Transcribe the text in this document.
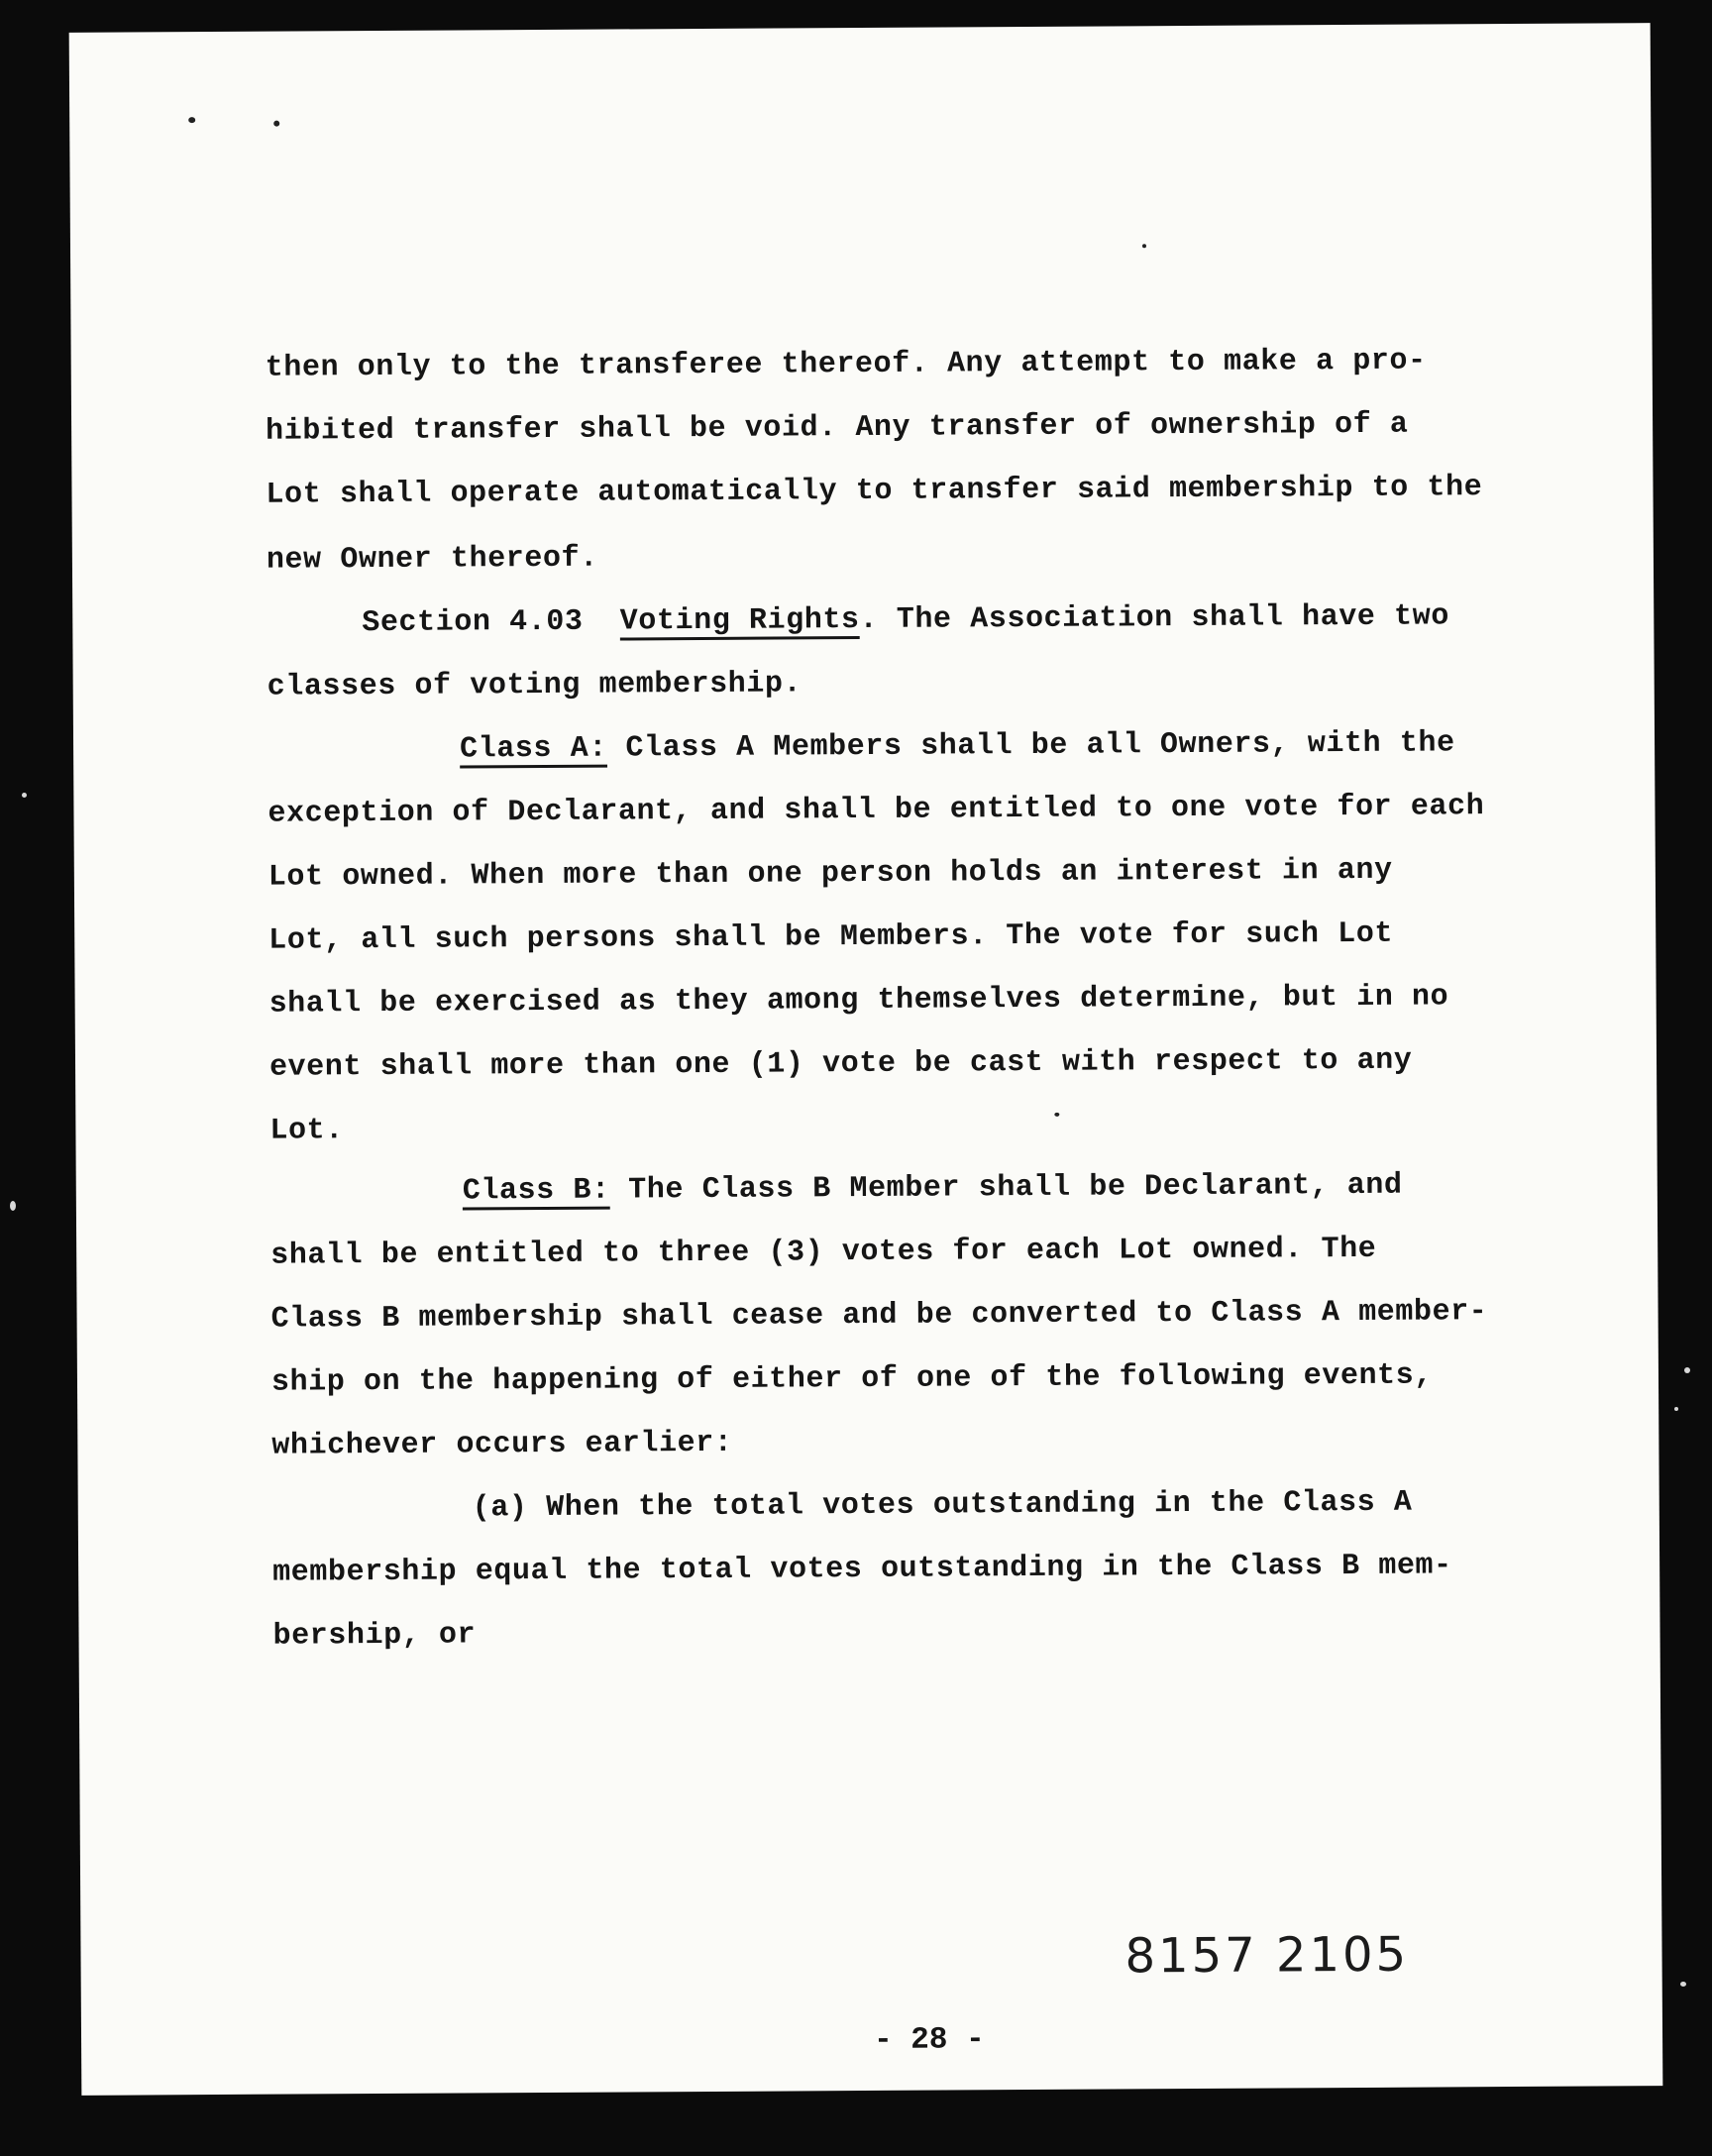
then only to the transferee thereof. Any attempt to make a pro-
hibited transfer shall be void. Any transfer of ownership of a
Lot shall operate automatically to transfer said membership to the
new Owner thereof.
Section 4.03 Voting Rights. The Association shall have two
classes of voting membership.
Class A: Class A Members shall be all Owners, with the
exception of Declarant, and shall be entitled to one vote for each
Lot owned. When more than one person holds an interest in any
Lot, all such persons shall be Members. The vote for such Lot
shall be exercised as they among themselves determine, but in no
event shall more than one (1) vote be cast with respect to any
Lot.
Class B: The Class B Member shall be Declarant, and
shall be entitled to three (3) votes for each Lot owned. The
Class B membership shall cease and be converted to Class A member-
ship on the happening of either of one of the following events,
whichever occurs earlier:
(a) When the total votes outstanding in the Class A
membership equal the total votes outstanding in the Class B mem-
bership, or
8157 2105
- 28 -
